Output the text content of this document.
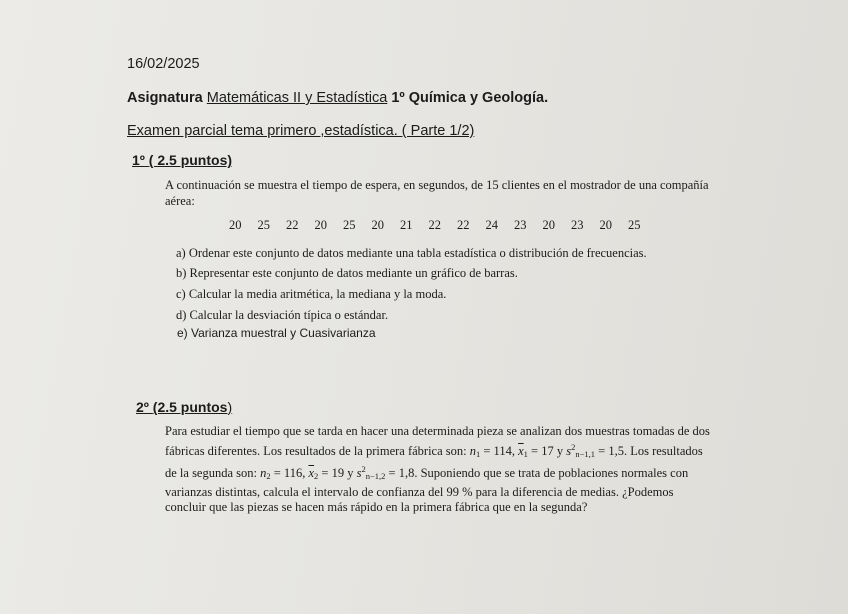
16/02/2025
Asignatura Matemáticas II y Estadística 1º Química y Geología.
Examen parcial tema primero ,estadística. ( Parte 1/2)
1º ( 2.5 puntos)
A continuación se muestra el tiempo de espera, en segundos, de 15 clientes en el mostrador de una compañía aérea:
20 25 22 20 25 20 21 22 22 24 23 20 23 20 25
a) Ordenar este conjunto de datos mediante una tabla estadística o distribución de frecuencias.
b) Representar este conjunto de datos mediante un gráfico de barras.
c) Calcular la media aritmética, la mediana y la moda.
d) Calcular la desviación típica o estándar.
e) Varianza muestral y Cuasivarianza
2º (2.5 puntos)
Para estudiar el tiempo que se tarda en hacer una determinada pieza se analizan dos muestras tomadas de dos fábricas diferentes. Los resultados de la primera fábrica son: $n_1 = 114$, $\overline{x}_1 = 17$ y $s^2_{n-1,1} = 1,5$. Los resultados de la segunda son: $n_2 = 116$, $\overline{x}_2 = 19$ y $s^2_{n-1,2} = 1,8$. Suponiendo que se trata de poblaciones normales con varianzas distintas, calcula el intervalo de confianza del 99 % para la diferencia de medias. ¿Podemos concluir que las piezas se hacen más rápido en la primera fábrica que en la segunda?
